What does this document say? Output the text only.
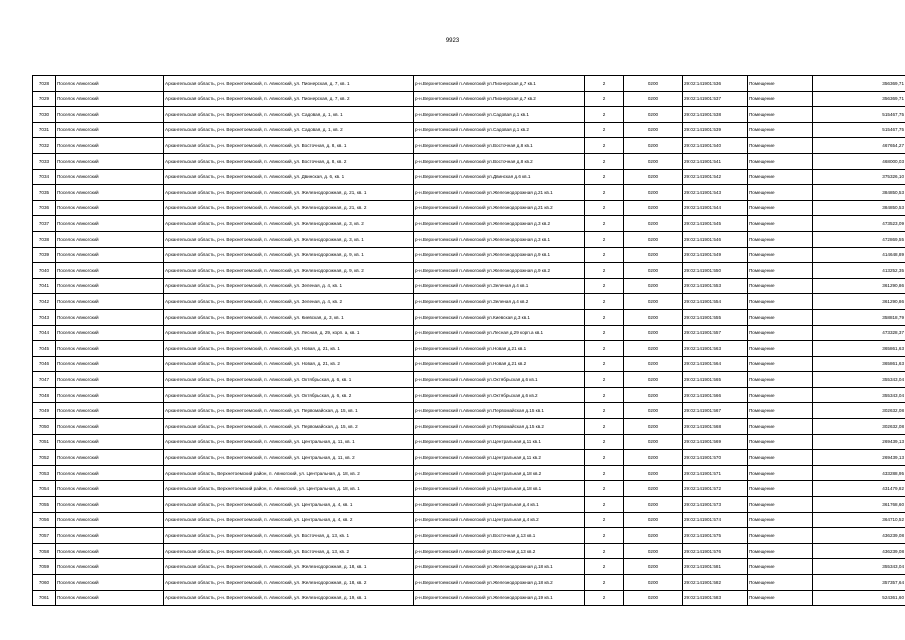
9923
7028	Поселок Авнюгский	Архангельская область, р-н. Верхнетоемский, п. Авнюгский, ул. Пионерская, д. 7, кв. 1	р-н.Верхнетоемский п.Авнюгский ул.Пионерская д.7 кв.1	2	0200	29:02:141901:536	Помещение	356369,71
7029	Поселок Авнюгский	Архангельская область, р-н. Верхнетоемский, п. Авнюгский, ул. Пионерская, д. 7, кв. 2	р-н.Верхнетоемский п.Авнюгский ул.Пионерская д.7 кв.2	2	0200	29:02:141901:537	Помещение	356369,71
7030	Поселок Авнюгский	Архангельская область, р-н. Верхнетоемский, п. Авнюгский, ул. Садовая, д. 1, кв. 1	р-н.Верхнетоемский п.Авнюгский ул.Садовая д.1 кв.1	2	0200	29:02:141901:538	Помещение	515467,75
7031	Поселок Авнюгский	Архангельская область, р-н. Верхнетоемский, п. Авнюгский, ул. Садовая, д. 1, кв. 2	р-н.Верхнетоемский п.Авнюгский ул.Садовая д.1 кв.2	2	0200	29:02:141901:539	Помещение	515467,75
7032	Поселок Авнюгский	Архангельская область, р-н. Верхнетоемский, п. Авнюгский, ул. Восточная, д. 8, кв. 1	р-н.Верхнетоемский п.Авнюгский ул.Восточная д.8 кв.1	2	0200	29:02:141901:540	Помещение	467654,27
7033	Поселок Авнюгский	Архангельская область, р-н. Верхнетоемский, п. Авнюгский, ул. Восточная, д. 8, кв. 2	р-н.Верхнетоемский п.Авнюгский ул.Восточная д.8 кв.2	2	0200	29:02:141901:541	Помещение	468000,03
7034	Поселок Авнюгский	Архангельская область, р-н. Верхнетоемский, п. Авнюгский, ул. Двинская, д. 6, кв. 1	р-н.Верхнетоемский п.Авнюгский ул.Двинская д.6 кв.1	2	0200	29:02:141901:542	Помещение	375326,10
7035	Поселок Авнюгский	Архангельская область, р-н. Верхнетоемский, п. Авнюгский, ул. Железнодорожная, д. 21, кв. 1	р-н.Верхнетоемский п.Авнюгский ул.Железнодорожная д.21 кв.1	2	0200	29:02:141901:543	Помещение	384850,53
7036	Поселок Авнюгский	Архангельская область, р-н. Верхнетоемский, п. Авнюгский, ул. Железнодорожная, д. 21, кв. 2	р-н.Верхнетоемский п.Авнюгский ул.Железнодорожная д.21 кв.2	2	0200	29:02:141901:544	Помещение	384850,53
7037	Поселок Авнюгский	Архангельская область, р-н. Верхнетоемский, п. Авнюгский, ул. Железнодорожная, д. 3, кв. 2	р-н.Верхнетоемский п.Авнюгский ул.Железнодорожная д.3 кв.2	2	0200	29:02:141901:545	Помещение	473523,09
7038	Поселок Авнюгский	Архангельская область, р-н. Верхнетоемский, п. Авнюгский, ул. Железнодорожная, д. 3, кв. 1	р-н.Верхнетоемский п.Авнюгский ул.Железнодорожная д.3 кв.1	2	0200	29:02:141901:546	Помещение	472869,55
7039	Поселок Авнюгский	Архангельская область, р-н. Верхнетоемский, п. Авнюгский, ул. Железнодорожная, д. 9, кв. 1	р-н.Верхнетоемский п.Авнюгский ул.Железнодорожная д.9 кв.1	2	0200	29:02:141901:549	Помещение	414648,89
7040	Поселок Авнюгский	Архангельская область, р-н. Верхнетоемский, п. Авнюгский, ул. Железнодорожная, д. 9, кв. 2	р-н.Верхнетоемский п.Авнюгский ул.Железнодорожная д.9 кв.2	2	0200	29:02:141901:550	Помещение	413252,35
7041	Поселок Авнюгский	Архангельская область, р-н. Верхнетоемский, п. Авнюгский, ул. Зеленая, д. 4, кв. 1	р-н.Верхнетоемский п.Авнюгский ул.Зеленая д.4 кв.1	2	0200	29:02:141901:553	Помещение	361290,86
7042	Поселок Авнюгский	Архангельская область, р-н. Верхнетоемский, п. Авнюгский, ул. Зеленая, д. 4, кв. 2	р-н.Верхнетоемский п.Авнюгский ул.Зеленая д.4 кв.2	2	0200	29:02:141901:554	Помещение	361290,86
7043	Поселок Авнюгский	Архангельская область, р-н. Верхнетоемский, п. Авнюгский, ул. Киевская, д. 3, кв. 1	р-н.Верхнетоемский п.Авнюгский ул.Киевская д.3 кв.1	2	0200	29:02:141901:555	Помещение	358818,79
7044	Поселок Авнюгский	Архангельская область, р-н. Верхнетоемский, п. Авнюгский, ул. Лесная, д. 29, корп. а, кв. 1	р-н.Верхнетоемский п.Авнюгский ул.Лесная д.29 корп.а кв.1	2	0200	29:02:141901:557	Помещение	473328,37
7045	Поселок Авнюгский	Архангельская область, р-н. Верхнетоемский, п. Авнюгский, ул. Новая, д. 21, кв. 1	р-н.Верхнетоемский п.Авнюгский ул.Новая д.21 кв.1	2	0200	29:02:141901:563	Помещение	365861,63
7046	Поселок Авнюгский	Архангельская область, р-н. Верхнетоемский, п. Авнюгский, ул. Новая, д. 21, кв. 2	р-н.Верхнетоемский п.Авнюгский ул.Новая д.21 кв.2	2	0200	29:02:141901:564	Помещение	365861,63
7047	Поселок Авнюгский	Архангельская область, р-н. Верхнетоемский, п. Авнюгский, ул. Октябрьская, д. 6, кв. 1	р-н.Верхнетоемский п.Авнюгский ул.Октябрьская д.6 кв.1	2	0200	29:02:141901:565	Помещение	355343,04
7048	Поселок Авнюгский	Архангельская область, р-н. Верхнетоемский, п. Авнюгский, ул. Октябрьская, д. 6, кв. 2	р-н.Верхнетоемский п.Авнюгский ул.Октябрьская д.6 кв.2	2	0200	29:02:141901:566	Помещение	355343,04
7049	Поселок Авнюгский	Архангельская область, р-н. Верхнетоемский, п. Авнюгский, ул. Первомайская, д. 15, кв. 1	р-н.Верхнетоемский п.Авнюгский ул.Первомайская д.15 кв.1	2	0200	29:02:141901:567	Помещение	302632,08
7050	Поселок Авнюгский	Архангельская область, р-н. Верхнетоемский, п. Авнюгский, ул. Первомайская, д. 15, кв. 2	р-н.Верхнетоемский п.Авнюгский ул.Первомайская д.15 кв.2	2	0200	29:02:141901:568	Помещение	302632,08
7051	Поселок Авнюгский	Архангельская область, р-н. Верхнетоемский, п. Авнюгский, ул. Центральная, д. 11, кв. 1	р-н.Верхнетоемский п.Авнюгский ул.Центральная д.11 кв.1	2	0200	29:02:141901:569	Помещение	269439,13
7052	Поселок Авнюгский	Архангельская область, р-н. Верхнетоемский, п. Авнюгский, ул. Центральная, д. 11, кв. 2	р-н.Верхнетоемский п.Авнюгский ул.Центральная д.11 кв.2	2	0200	29:02:141901:570	Помещение	269439,13
7053	Поселок Авнюгский	Архангельская область, Верхнетоемский район, п. Авнюгский, ул. Центральная, д. 18, кв. 2	р-н.Верхнетоемский п.Авнюгский ул.Центральная д.18 кв.2	2	0200	29:02:141901:571	Помещение	433288,95
7054	Поселок Авнюгский	Архангельская область, Верхнетоемский район, п. Авнюгский, ул. Центральная, д. 18, кв. 1	р-н.Верхнетоемский п.Авнюгский ул.Центральная д.18 кв.1	2	0200	29:02:141901:572	Помещение	431479,82
7055	Поселок Авнюгский	Архангельская область, р-н. Верхнетоемский, п. Авнюгский, ул. Центральная, д. 4, кв. 1	р-н.Верхнетоемский п.Авнюгский ул.Центральная д.4 кв.1	2	0200	29:02:141901:573	Помещение	361768,60
7056	Поселок Авнюгский	Архангельская область, р-н. Верхнетоемский, п. Авнюгский, ул. Центральная, д. 4, кв. 2	р-н.Верхнетоемский п.Авнюгский ул.Центральная д.4 кв.2	2	0200	29:02:141901:574	Помещение	364710,52
7057	Поселок Авнюгский	Архангельская область, р-н. Верхнетоемский, п. Авнюгский, ул. Восточная, д. 13, кв. 1	р-н.Верхнетоемский п.Авнюгский ул.Восточная д.13 кв.1	2	0200	29:02:141901:575	Помещение	436239,08
7058	Поселок Авнюгский	Архангельская область, р-н. Верхнетоемский, п. Авнюгский, ул. Восточная, д. 13, кв. 2	р-н.Верхнетоемский п.Авнюгский ул.Восточная д.13 кв.2	2	0200	29:02:141901:576	Помещение	436239,08
7059	Поселок Авнюгский	Архангельская область, р-н. Верхнетоемский, п. Авнюгский, ул. Железнодорожная, д. 18, кв. 1	р-н.Верхнетоемский п.Авнюгский ул.Железнодорожная д.18 кв.1	2	0200	29:02:141901:581	Помещение	355343,04
7060	Поселок Авнюгский	Архангельская область, р-н. Верхнетоемский, п. Авнюгский, ул. Железнодорожная, д. 18, кв. 2	р-н.Верхнетоемский п.Авнюгский ул.Железнодорожная д.18 кв.2	2	0200	29:02:141901:582	Помещение	357357,64
7061	Поселок Авнюгский	Архангельская область, р-н. Верхнетоемский, п. Авнюгский, ул. Железнодорожная, д. 19, кв. 1	р-н.Верхнетоемский п.Авнюгский ул.Железнодорожная д.19 кв.1	2	0200	29:02:141901:583	Помещение	524361,60
